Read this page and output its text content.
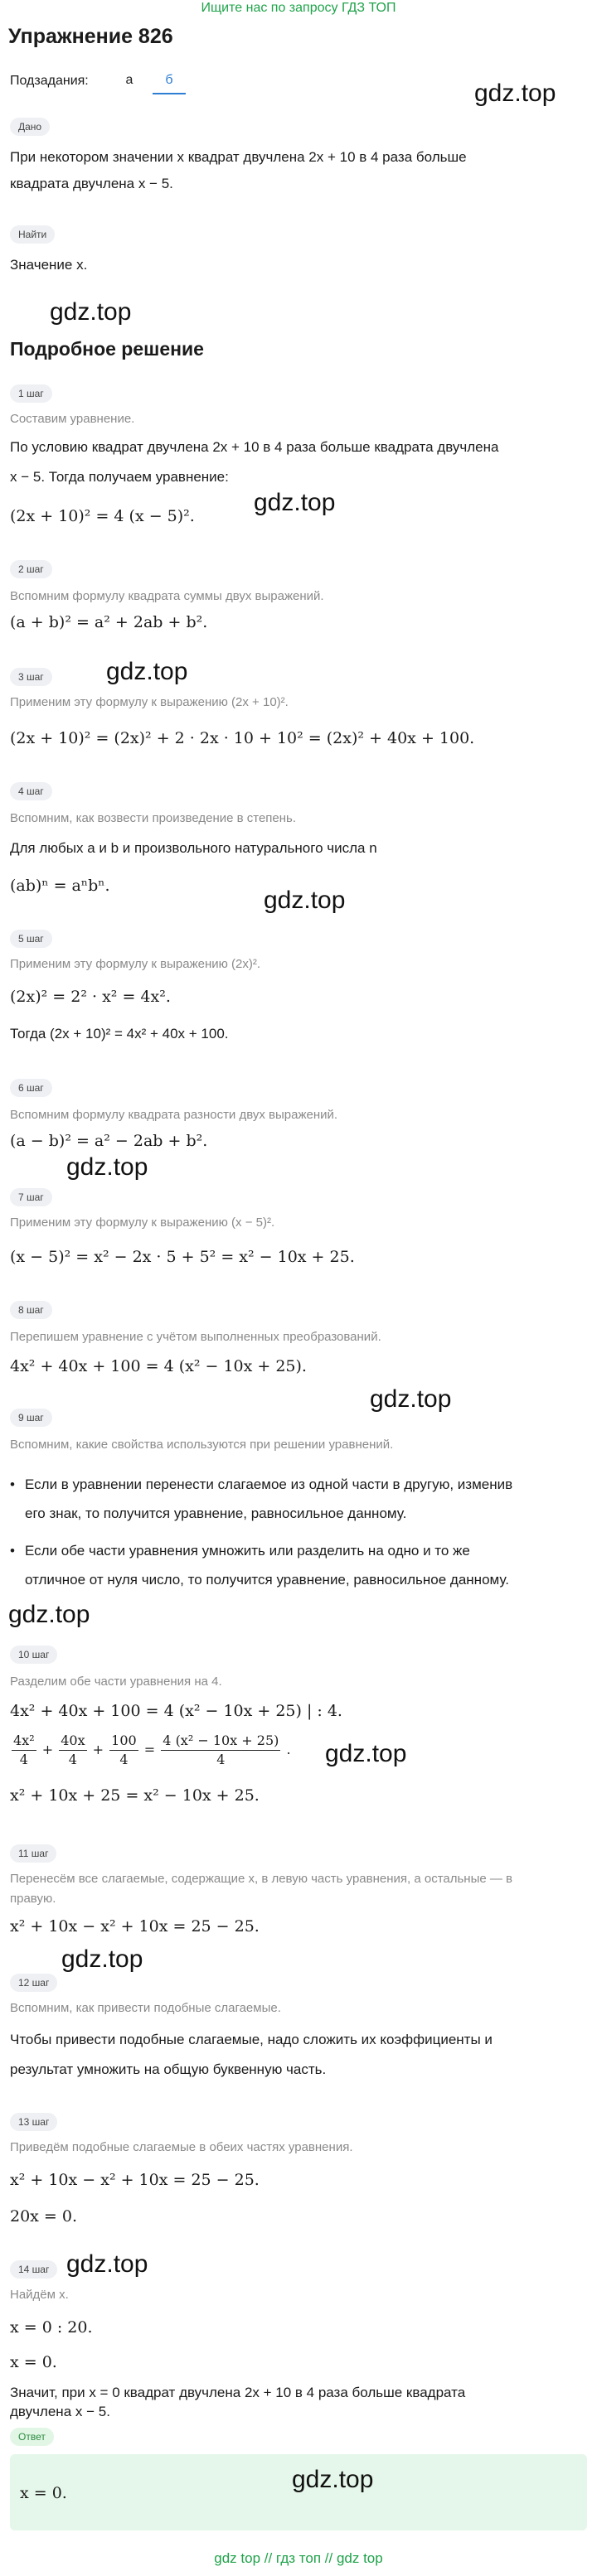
Ищите нас по запросу ГДЗ ТОП
Упражнение 826
Подзадания:	а	б	gdz.top
Дано
При некотором значении x квадрат двучлена 2x + 10 в 4 раза больше
квадрата двучлена x − 5.
Найти
Значение x.
gdz.top
Подробное решение
1 шаг
Составим уравнение.
По условию квадрат двучлена 2x + 10 в 4 раза больше квадрата двучлена
x − 5. Тогда получаем уравнение:
gdz.top
(2x + 10)² = 4 (x − 5)².
2 шаг
Вспомним формулу квадрата суммы двух выражений.
(a + b)² = a² + 2ab + b².
gdz.top
3 шаг
Применим эту формулу к выражению (2x + 10)².
(2x + 10)² = (2x)² + 2 · 2x · 10 + 10² = (2x)² + 40x + 100.
4 шаг
Вспомним, как возвести произведение в степень.
Для любых a и b и произвольного натурального числа n
(ab)ⁿ = aⁿbⁿ.
gdz.top
5 шаг
Применим эту формулу к выражению (2x)².
(2x)² = 2² · x² = 4x².
Тогда (2x + 10)² = 4x² + 40x + 100.
6 шаг
Вспомним формулу квадрата разности двух выражений.
(a − b)² = a² − 2ab + b².
gdz.top
7 шаг
Применим эту формулу к выражению (x − 5)².
(x − 5)² = x² − 2x · 5 + 5² = x² − 10x + 25.
8 шаг
Перепишем уравнение с учётом выполненных преобразований.
4x² + 40x + 100 = 4 (x² − 10x + 25).
gdz.top
9 шаг
Вспомним, какие свойства используются при решении уравнений.
• Если в уравнении перенести слагаемое из одной части в другую, изменив
его знак, то получится уравнение, равносильное данному.
• Если обе части уравнения умножить или разделить на одно и то же
отличное от нуля число, то получится уравнение, равносильное данному.
gdz.top
10 шаг
Разделим обе части уравнения на 4.
4x² + 40x + 100 = 4 (x² − 10x + 25) | : 4.
$\frac{\text{4x²}}{4} + \frac{40x}{4} + \frac{100}{4} = \frac{\text{4 (x² − 10x + 25)}}{4}$ . gdz.top
x² + 10x + 25 = x² − 10x + 25.
11 шаг
Перенесём все слагаемые, содержащие x, в левую часть уравнения, а остальные — в
правую.
x² + 10x − x² + 10x = 25 − 25.
gdz.top
12 шаг
Вспомним, как привести подобные слагаемые.
Чтобы привести подобные слагаемые, надо сложить их коэффициенты и
результат умножить на общую буквенную часть.
13 шаг
Приведём подобные слагаемые в обеих частях уравнения.
x² + 10x − x² + 10x = 25 − 25.
20x = 0.
gdz.top
14 шаг
Найдём x.
x = 0 : 20.
x = 0.
Значит, при x = 0 квадрат двучлена 2x + 10 в 4 раза больше квадрата
двучлена x − 5.
Ответ
x = 0.	gdz.top
gdz top // гдз топ // gdz top
